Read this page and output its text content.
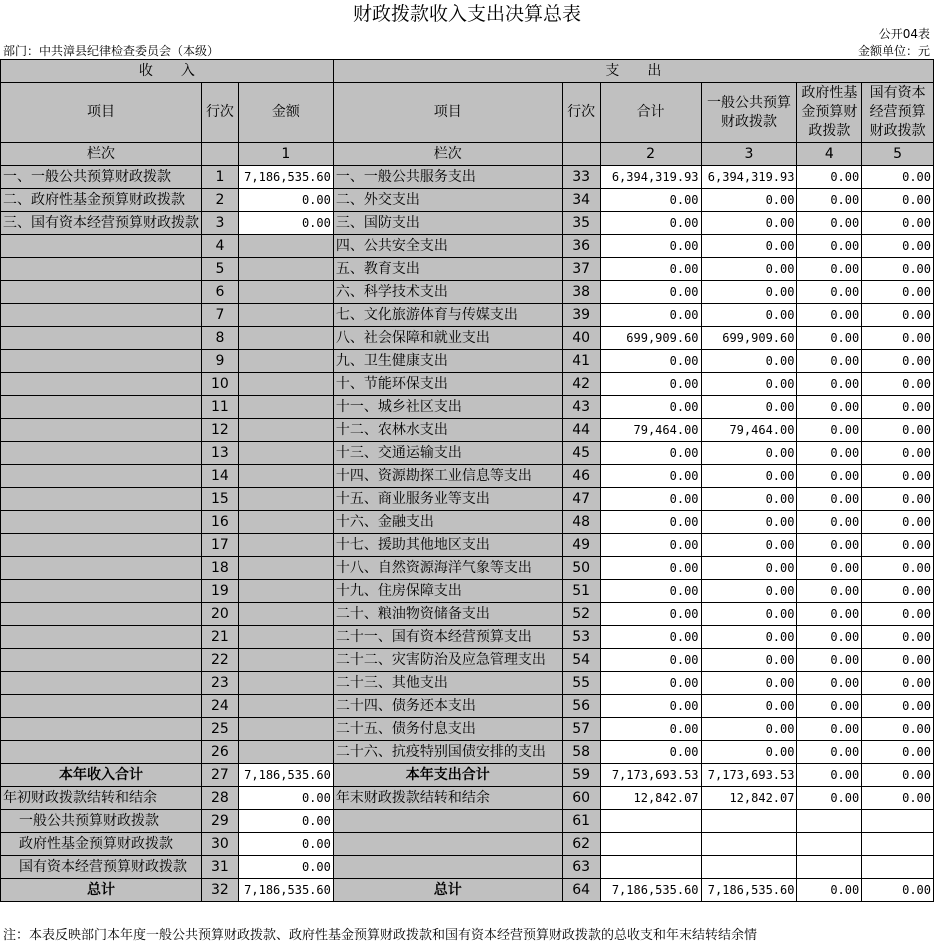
财政拨款收入支出决算总表
公开04表
部门：中共漳县纪律检查委员会（本级）	金额单位：元
收　　入			支　　出					
项目	行次	金额	项目	行次	合计	一般公共预算财政拨款	政府性基金预算财政拨款	国有资本经营预算财政拨款
栏次		1	栏次		2	3	4	5
一、一般公共预算财政拨款	1	7,186,535.60	一、一般公共服务支出	33	6,394,319.93	6,394,319.93	0.00	0.00
二、政府性基金预算财政拨款	2	0.00	二、外交支出	34	0.00	0.00	0.00	0.00
三、国有资本经营预算财政拨款	3	0.00	三、国防支出	35	0.00	0.00	0.00	0.00
	4		四、公共安全支出	36	0.00	0.00	0.00	0.00
	5		五、教育支出	37	0.00	0.00	0.00	0.00
	6		六、科学技术支出	38	0.00	0.00	0.00	0.00
	7		七、文化旅游体育与传媒支出	39	0.00	0.00	0.00	0.00
	8		八、社会保障和就业支出	40	699,909.60	699,909.60	0.00	0.00
	9		九、卫生健康支出	41	0.00	0.00	0.00	0.00
	10		十、节能环保支出	42	0.00	0.00	0.00	0.00
	11		十一、城乡社区支出	43	0.00	0.00	0.00	0.00
	12		十二、农林水支出	44	79,464.00	79,464.00	0.00	0.00
	13		十三、交通运输支出	45	0.00	0.00	0.00	0.00
	14		十四、资源勘探工业信息等支出	46	0.00	0.00	0.00	0.00
	15		十五、商业服务业等支出	47	0.00	0.00	0.00	0.00
	16		十六、金融支出	48	0.00	0.00	0.00	0.00
	17		十七、援助其他地区支出	49	0.00	0.00	0.00	0.00
	18		十八、自然资源海洋气象等支出	50	0.00	0.00	0.00	0.00
	19		十九、住房保障支出	51	0.00	0.00	0.00	0.00
	20		二十、粮油物资储备支出	52	0.00	0.00	0.00	0.00
	21		二十一、国有资本经营预算支出	53	0.00	0.00	0.00	0.00
	22		二十二、灾害防治及应急管理支出	54	0.00	0.00	0.00	0.00
	23		二十三、其他支出	55	0.00	0.00	0.00	0.00
	24		二十四、债务还本支出	56	0.00	0.00	0.00	0.00
	25		二十五、债务付息支出	57	0.00	0.00	0.00	0.00
	26		二十六、抗疫特别国债安排的支出	58	0.00	0.00	0.00	0.00
本年收入合计	27	7,186,535.60	本年支出合计	59	7,173,693.53	7,173,693.53	0.00	0.00
年初财政拨款结转和结余	28	0.00	年末财政拨款结转和结余	60	12,842.07	12,842.07	0.00	0.00
一般公共预算财政拨款	29	0.00		61				
政府性基金预算财政拨款	30	0.00		62				
国有资本经营预算财政拨款	31	0.00		63				
总计	32	7,186,535.60	总计	64	7,186,535.60	7,186,535.60	0.00	0.00
注：本表反映部门本年度一般公共预算财政拨款、政府性基金预算财政拨款和国有资本经营预算财政拨款的总收支和年末结转结余情
